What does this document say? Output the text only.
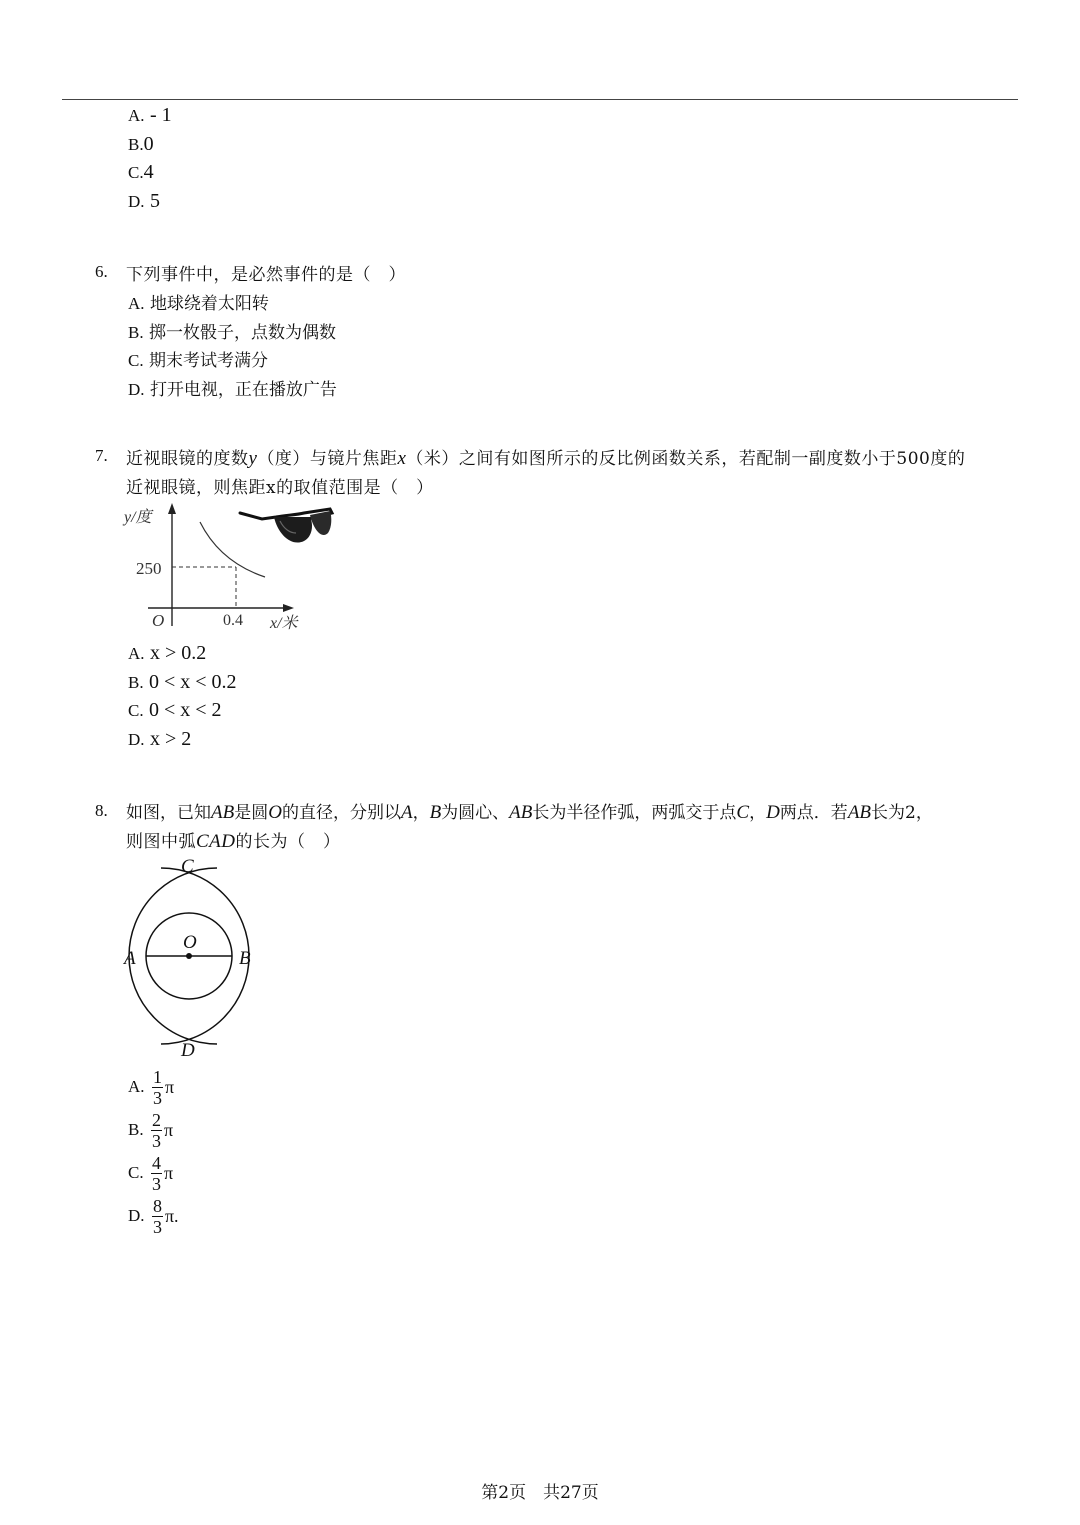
A. - 1
B.0
C.4
D. 5
6. 下列事件中，是必然事件的是（　）
A. 地球绕着太阳转
B. 掷一枚骰子，点数为偶数
C. 期末考试考满分
D. 打开电视，正在播放广告
7. 近视眼镜的度数y（度）与镜片焦距x（米）之间有如图所示的反比例函数关系，若配制一副度数小于500度的
近视眼镜，则焦距x的取值范围是（　）
y/度
250
O	0.4 x/米
A. x > 0.2
B. 0 < x < 0.2
C. 0 < x < 2
D. x > 2
8. 如图，已知AB是圆O的直径，分别以A，B为圆心、AB长为半径作弧，两弧交于点C，D两点．若AB长为2，
则图中弧CAD的长为（　）
C
O
A	B
D
A. $\frac{1}{3}$ π
B. $\frac{2}{3}$ π
C. $\frac{4}{3}$ π
D. $\frac{8}{3} \pi$.
第2页　共27页
